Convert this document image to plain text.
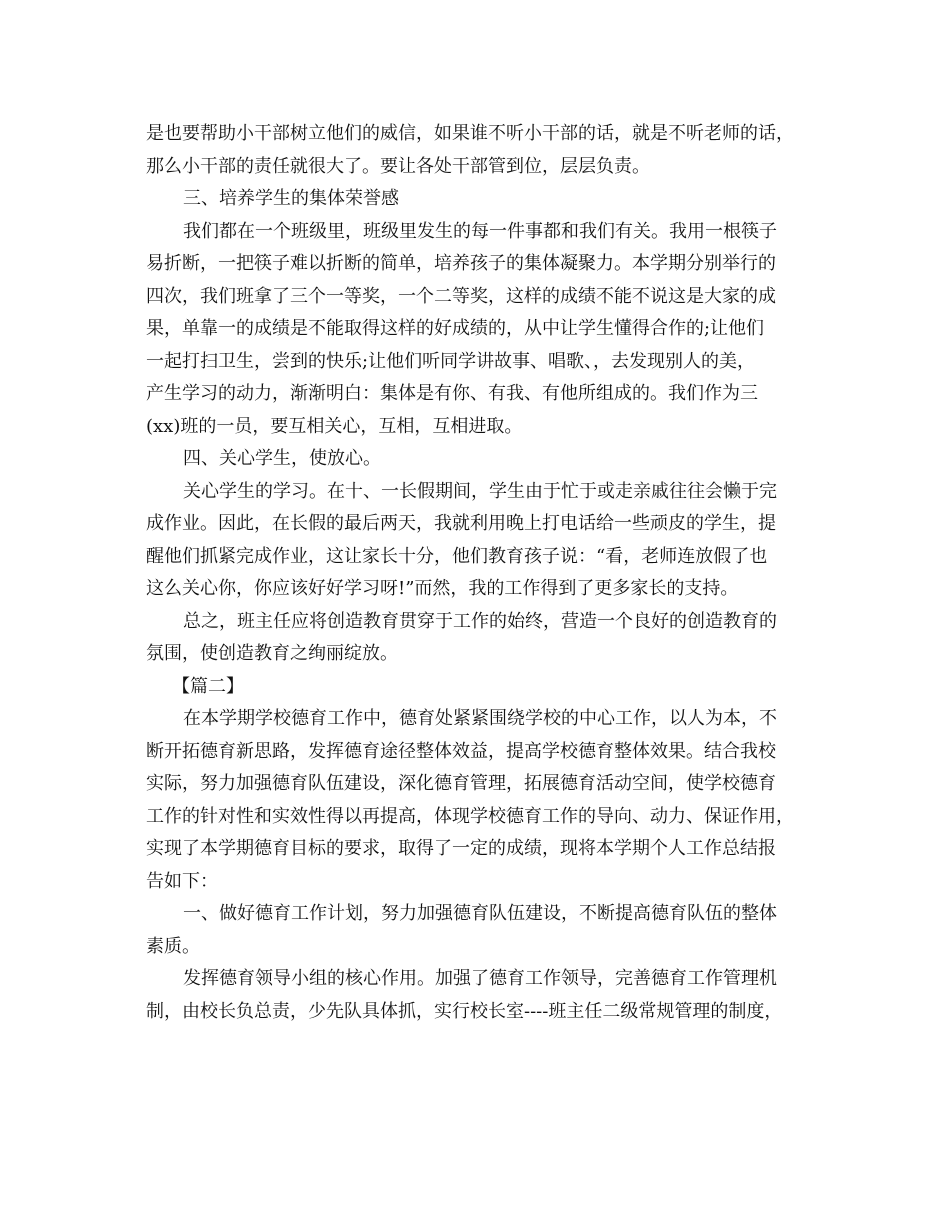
是也要帮助小干部树立他们的威信，如果谁不听小干部的话，就是不听老师的话，
那么小干部的责任就很大了。要让各处干部管到位，层层负责。
三、培养学生的集体荣誉感
我们都在一个班级里，班级里发生的每一件事都和我们有关。我用一根筷子
易折断，一把筷子难以折断的简单，培养孩子的集体凝聚力。本学期分别举行的
四次，我们班拿了三个一等奖，一个二等奖，这样的成绩不能不说这是大家的成
果，单靠一的成绩是不能取得这样的好成绩的，从中让学生懂得合作的;让他们
一起打扫卫生，尝到的快乐;让他们听同学讲故事、唱歌、，去发现别人的美，
产生学习的动力，渐渐明白：集体是有你、有我、有他所组成的。我们作为三
(xx)班的一员，要互相关心，互相，互相进取。
四、关心学生，使放心。
关心学生的学习。在十、一长假期间，学生由于忙于或走亲戚往往会懒于完
成作业。因此，在长假的最后两天，我就利用晚上打电话给一些顽皮的学生，提
醒他们抓紧完成作业，这让家长十分，他们教育孩子说：“看，老师连放假了也
这么关心你，你应该好好学习呀!”而然，我的工作得到了更多家长的支持。
总之，班主任应将创造教育贯穿于工作的始终，营造一个良好的创造教育的
氛围，使创造教育之绚丽绽放。
【篇二】
在本学期学校德育工作中，德育处紧紧围绕学校的中心工作，以人为本，不
断开拓德育新思路，发挥德育途径整体效益，提高学校德育整体效果。结合我校
实际，努力加强德育队伍建设，深化德育管理，拓展德育活动空间，使学校德育
工作的针对性和实效性得以再提高，体现学校德育工作的导向、动力、保证作用，
实现了本学期德育目标的要求，取得了一定的成绩，现将本学期个人工作总结报
告如下：
一、做好德育工作计划，努力加强德育队伍建设，不断提高德育队伍的整体
素质。
发挥德育领导小组的核心作用。加强了德育工作领导，完善德育工作管理机
制，由校长负总责，少先队具体抓，实行校长室----班主任二级常规管理的制度，
